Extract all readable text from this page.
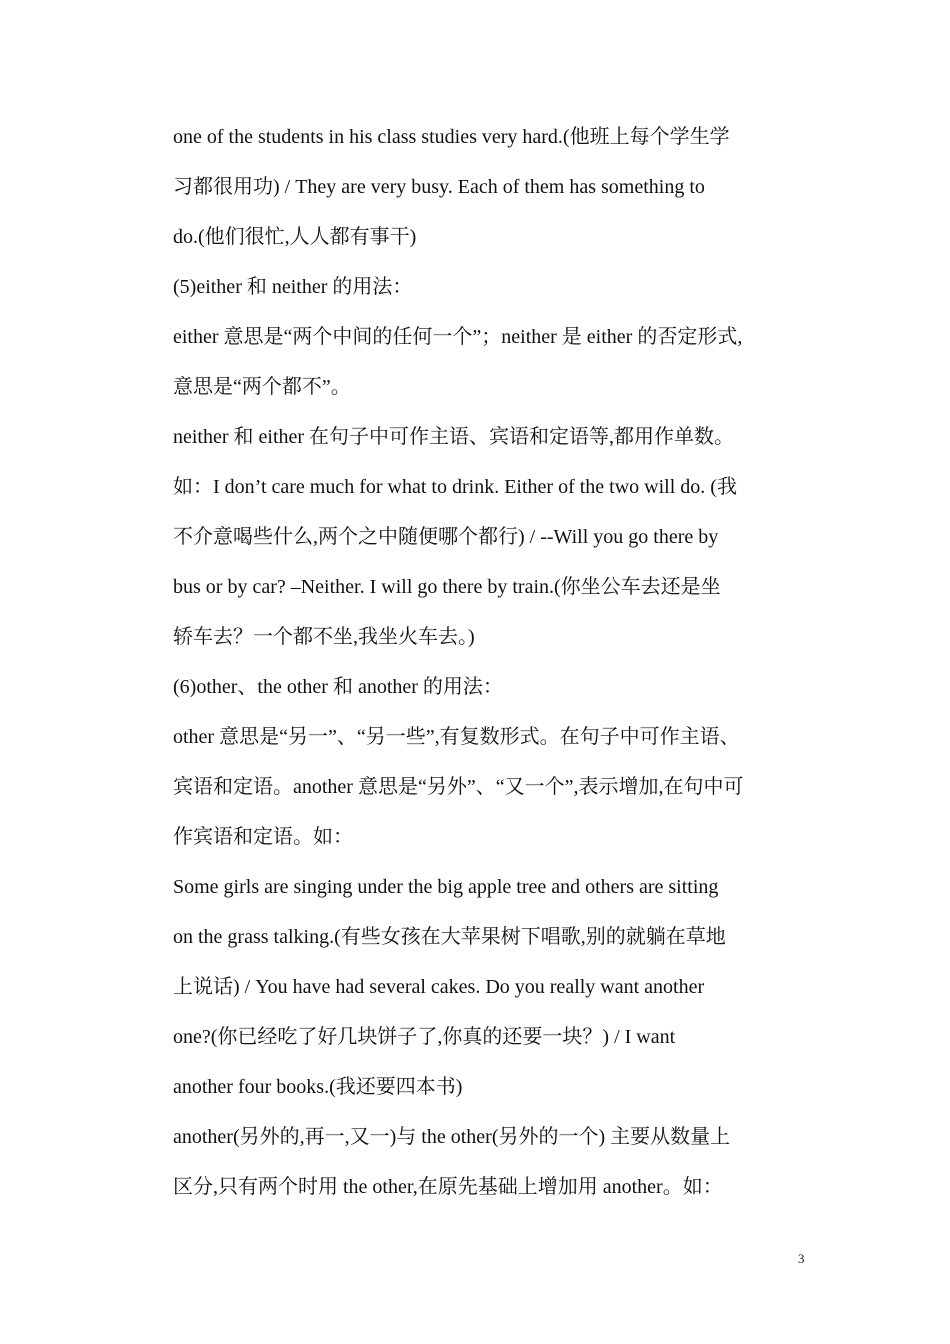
one of the students in his class studies very hard.(他班上每个学生学
习都很用功) / They are very busy. Each of them has something to
do.(他们很忙,人人都有事干)
(5)either 和 neither 的用法：
either 意思是“两个中间的任何一个”；neither 是 either 的否定形式,
意思是“两个都不”。
neither 和 either 在句子中可作主语、宾语和定语等,都用作单数。
如：I don’t care much for what to drink. Either of the two will do. (我
不介意喝些什么,两个之中随便哪个都行) / --Will you go there by
bus or by car? –Neither. I will go there by train.(你坐公车去还是坐
轿车去？一个都不坐,我坐火车去。)
(6)other、the other 和 another 的用法：
other 意思是“另一”、“另一些”,有复数形式。在句子中可作主语、
宾语和定语。another 意思是“另外”、“又一个”,表示增加,在句中可
作宾语和定语。如：
Some girls are singing under the big apple tree and others are sitting
on the grass talking.(有些女孩在大苹果树下唱歌,别的就躺在草地
上说话) / You have had several cakes. Do you really want another
one?(你已经吃了好几块饼子了,你真的还要一块？) / I want
another four books.(我还要四本书)
another(另外的,再一,又一)与 the other(另外的一个) 主要从数量上
区分,只有两个时用 the other,在原先基础上增加用 another。如：
3
